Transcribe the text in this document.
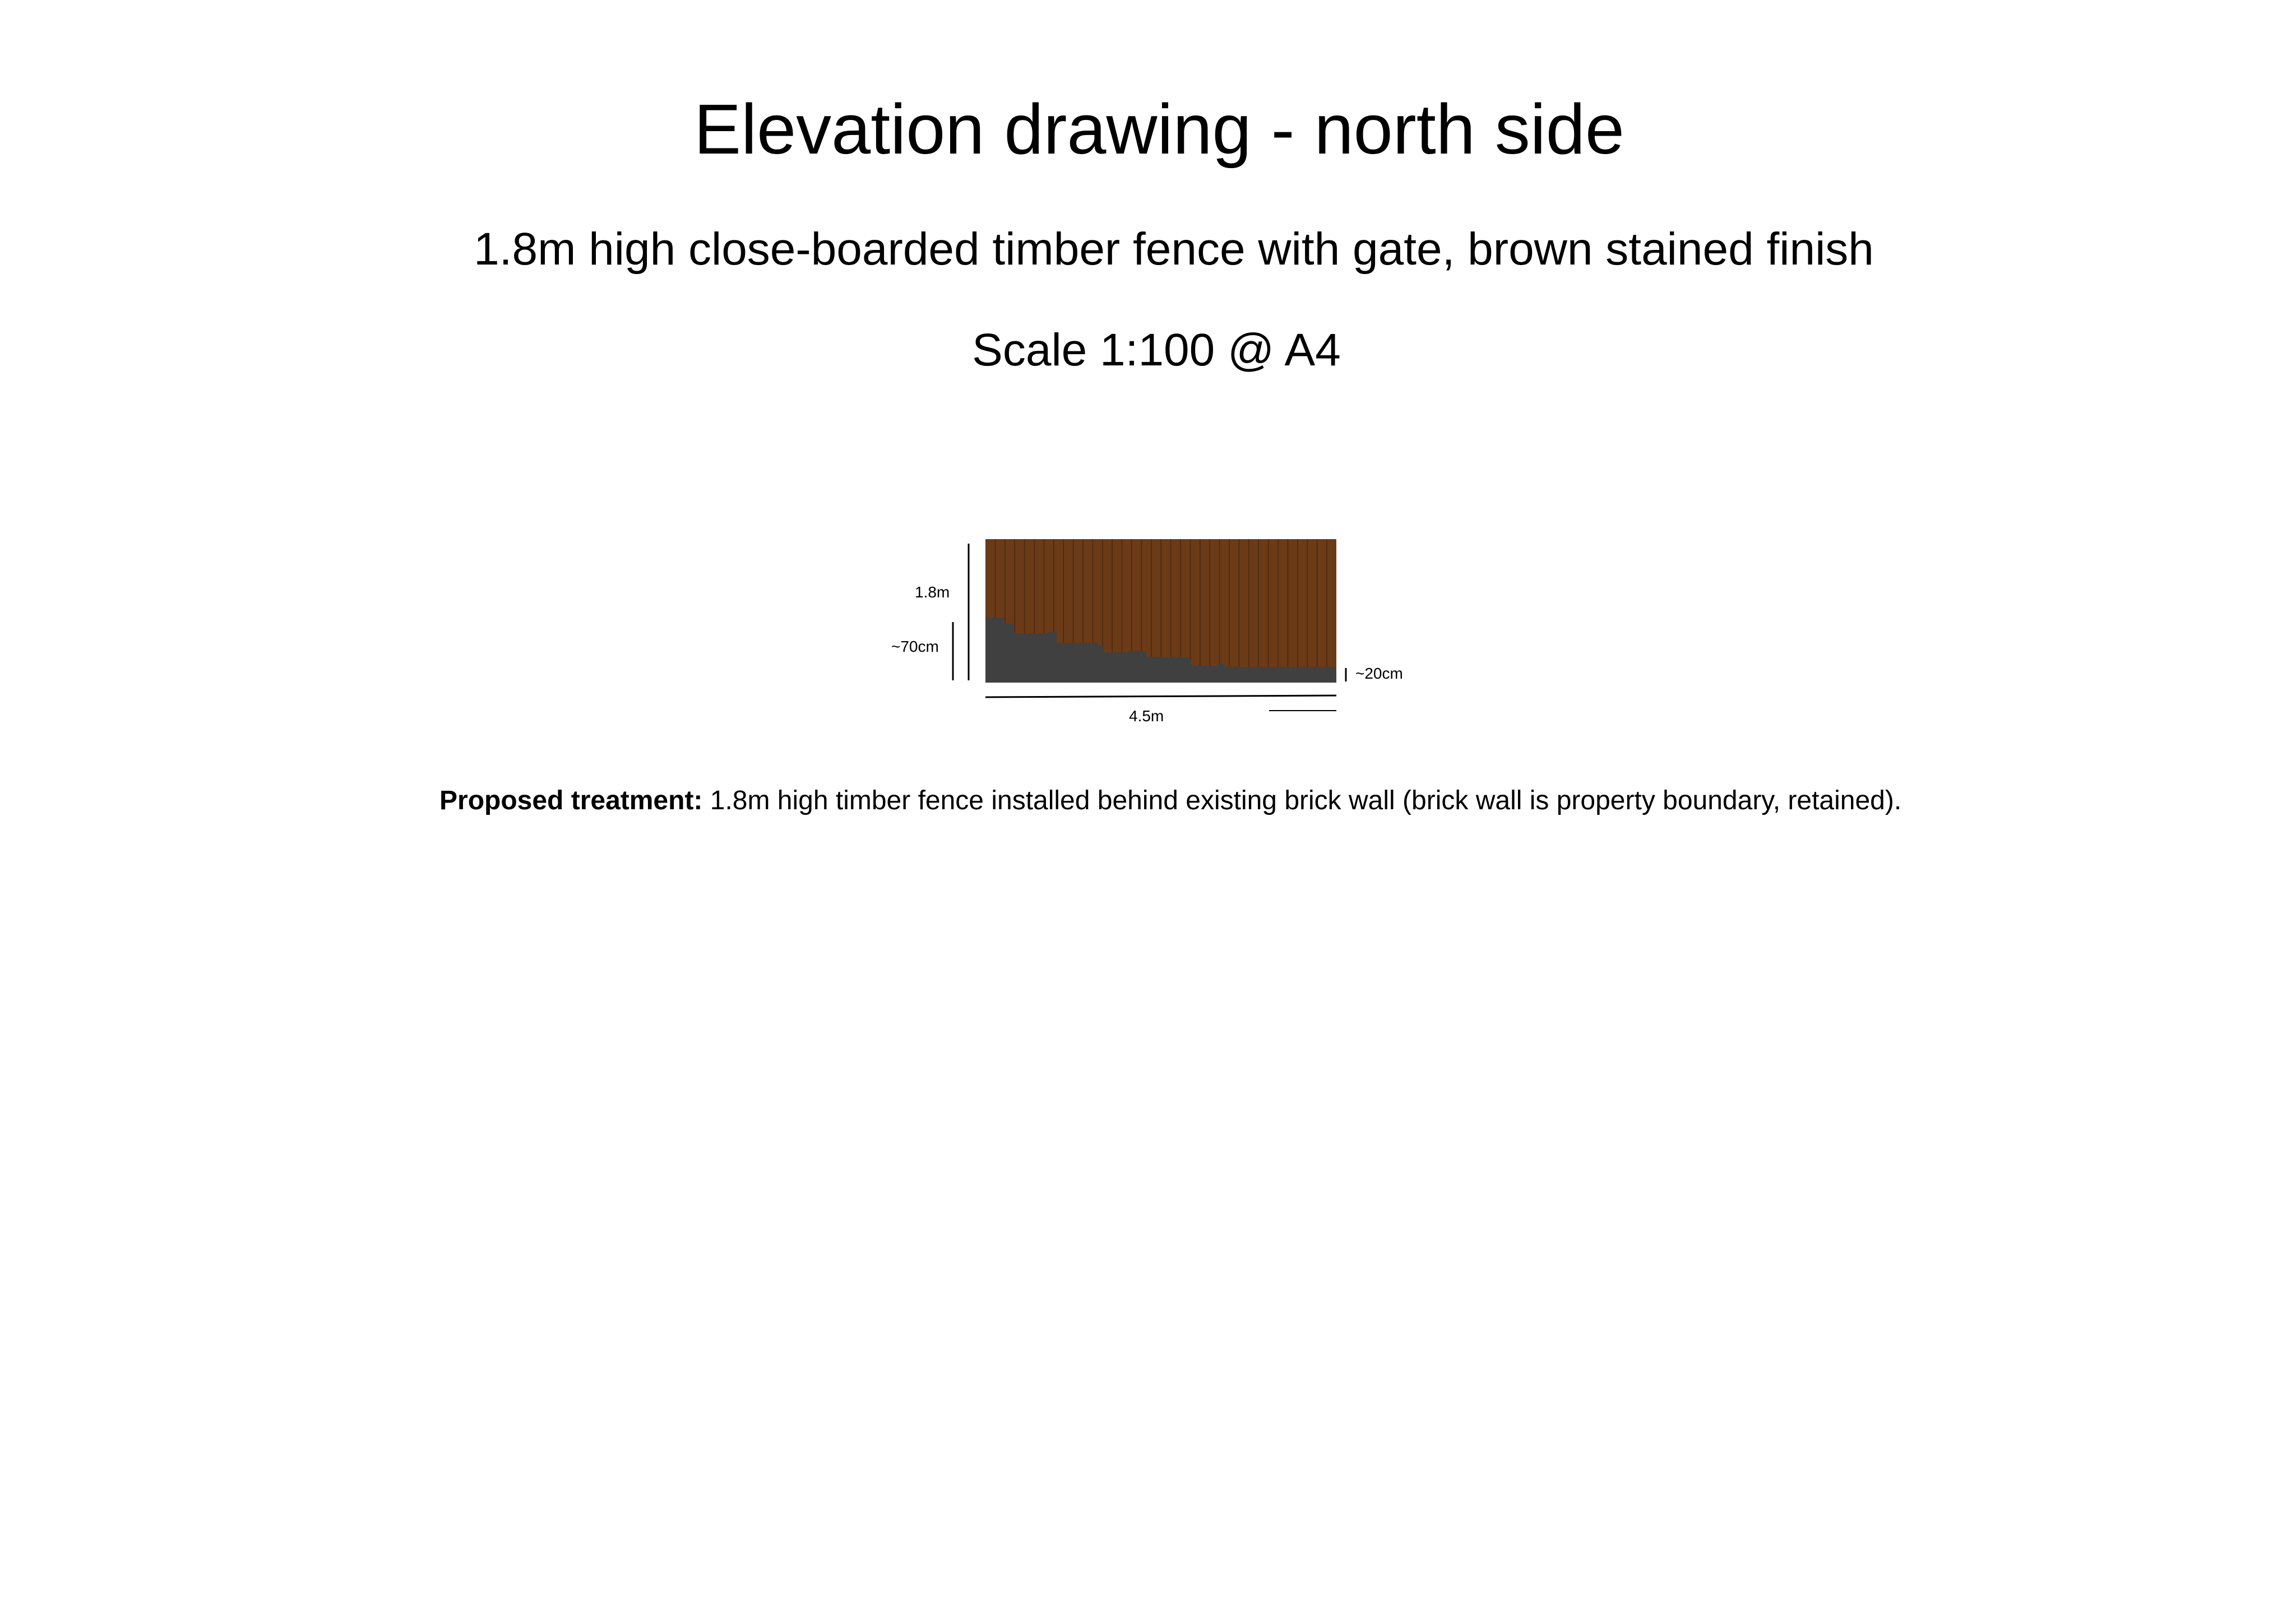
Elevation drawing - north side
1.8m high close-boarded timber fence with gate, brown stained finish
Scale 1:100 @ A4
1.8m
~70cm
~20cm
4.5m
Proposed treatment: 1.8m high timber fence installed behind existing brick wall (brick wall is property boundary, retained).
